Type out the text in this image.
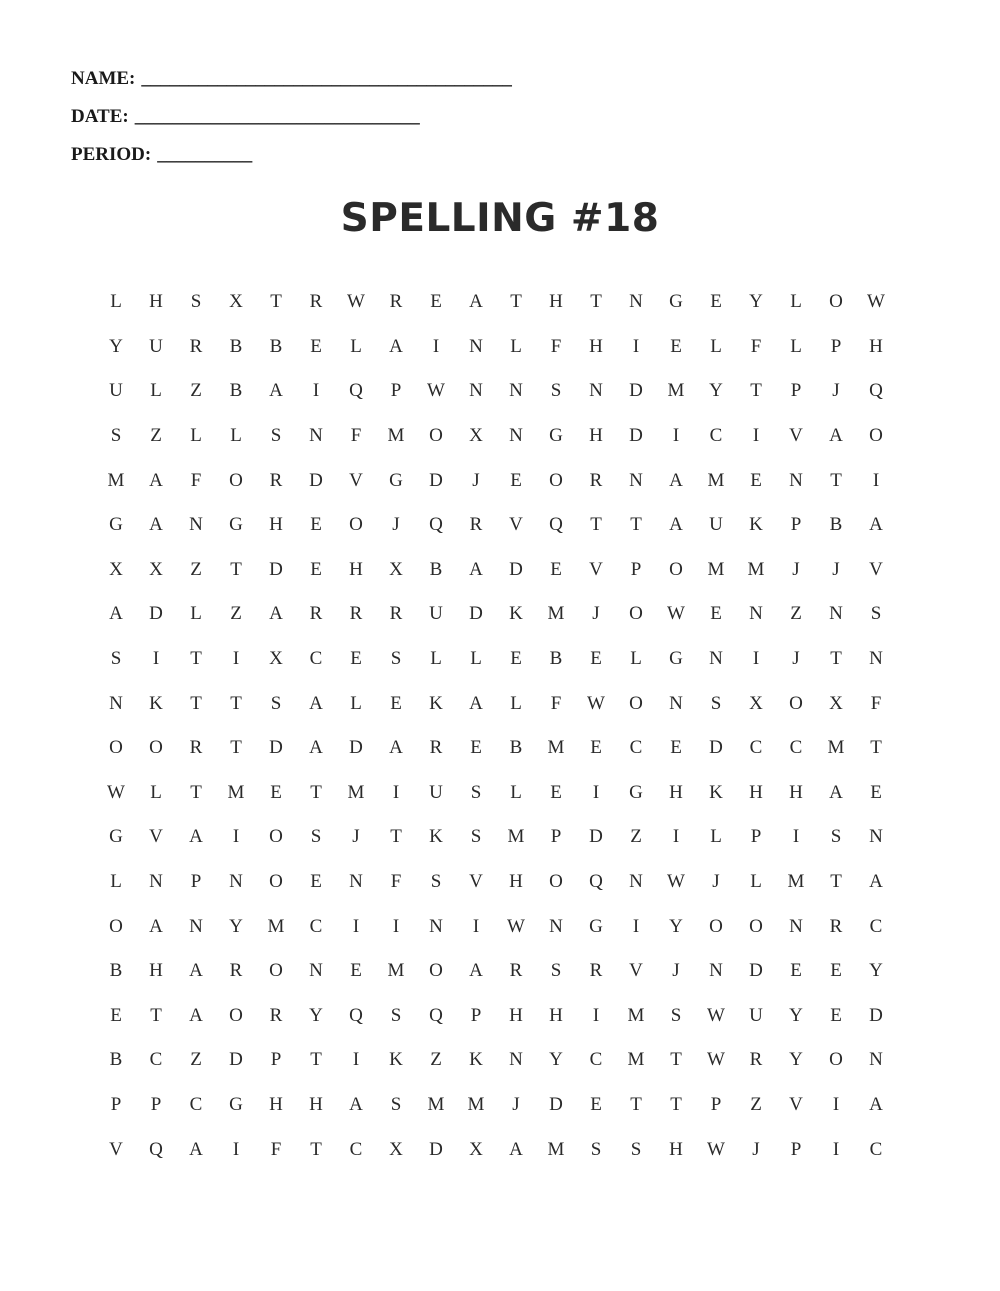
NAME: _______________________________________
DATE: ______________________________
PERIOD: __________
SPELLING #18
L	H	S	X	T	R	W	R	E	A	T	H	T	N	G	E	Y	L	O	W
Y	U	R	B	B	E	L	A	I	N	L	F	H	I	E	L	F	L	P	H
U	L	Z	B	A	I	Q	P	W	N	N	S	N	D	M	Y	T	P	J	Q
S	Z	L	L	S	N	F	M	O	X	N	G	H	D	I	C	I	V	A	O
M	A	F	O	R	D	V	G	D	J	E	O	R	N	A	M	E	N	T	I
G	A	N	G	H	E	O	J	Q	R	V	Q	T	T	A	U	K	P	B	A
X	X	Z	T	D	E	H	X	B	A	D	E	V	P	O	M	M	J	J	V
A	D	L	Z	A	R	R	R	U	D	K	M	J	O	W	E	N	Z	N	S
S	I	T	I	X	C	E	S	L	L	E	B	E	L	G	N	I	J	T	N
N	K	T	T	S	A	L	E	K	A	L	F	W	O	N	S	X	O	X	F
O	O	R	T	D	A	D	A	R	E	B	M	E	C	E	D	C	C	M	T
W	L	T	M	E	T	M	I	U	S	L	E	I	G	H	K	H	H	A	E
G	V	A	I	O	S	J	T	K	S	M	P	D	Z	I	L	P	I	S	N
L	N	P	N	O	E	N	F	S	V	H	O	Q	N	W	J	L	M	T	A
O	A	N	Y	M	C	I	I	N	I	W	N	G	I	Y	O	O	N	R	C
B	H	A	R	O	N	E	M	O	A	R	S	R	V	J	N	D	E	E	Y
E	T	A	O	R	Y	Q	S	Q	P	H	H	I	M	S	W	U	Y	E	D
B	C	Z	D	P	T	I	K	Z	K	N	Y	C	M	T	W	R	Y	O	N
P	P	C	G	H	H	A	S	M	M	J	D	E	T	T	P	Z	V	I	A
V	Q	A	I	F	T	C	X	D	X	A	M	S	S	H	W	J	P	I	C
